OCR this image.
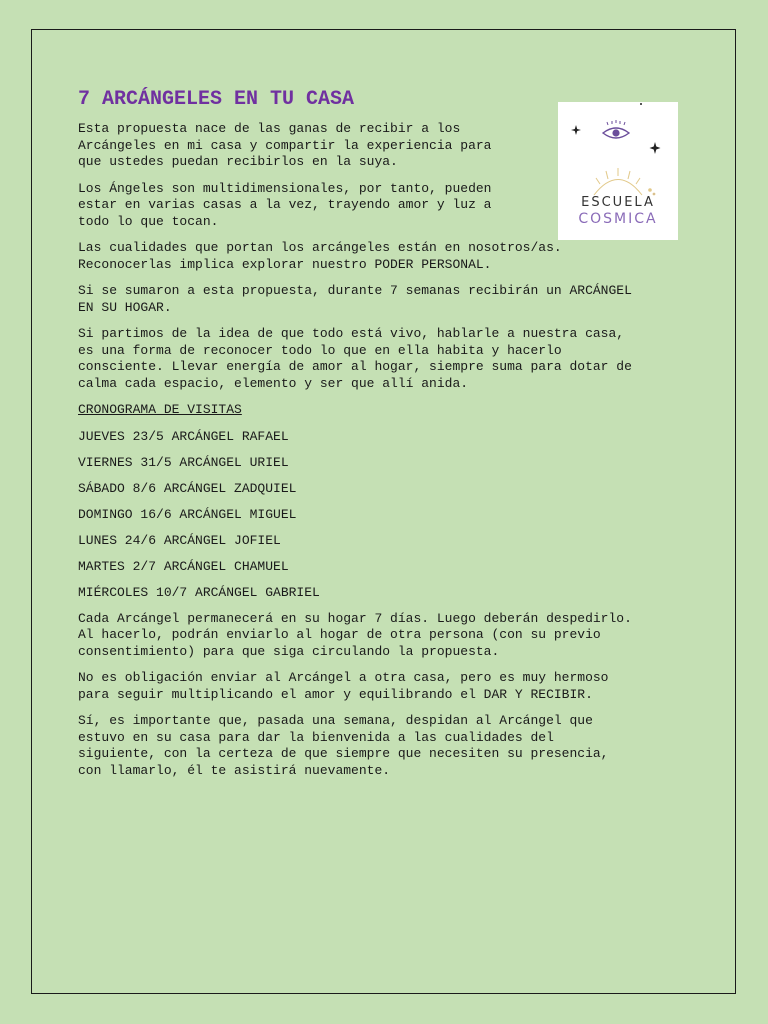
ESCUELA
COSMICA
7 ARCÁNGELES EN TU CASA

Esta propuesta nace de las ganas de recibir a los Arcángeles en mi casa y compartir la experiencia para que ustedes puedan recibirlos en la suya.

Los Ángeles son multidimensionales, por tanto, pueden estar en varias casas a la vez, trayendo amor y luz a todo lo que tocan.

Las cualidades que portan los arcángeles están en nosotros/as. Reconocerlas implica explorar nuestro PODER PERSONAL.

Si se sumaron a esta propuesta, durante 7 semanas recibirán un ARCÁNGEL EN SU HOGAR.

Si partimos de la idea de que todo está vivo, hablarle a nuestra casa, es una forma de reconocer todo lo que en ella habita y hacerlo consciente. Llevar energía de amor al hogar, siempre suma para dotar de calma cada espacio, elemento y ser que allí anida.

CRONOGRAMA DE VISITAS

JUEVES 23/5 ARCÁNGEL RAFAEL

VIERNES 31/5 ARCÁNGEL URIEL

SÁBADO 8/6 ARCÁNGEL ZADQUIEL

DOMINGO 16/6 ARCÁNGEL MIGUEL

LUNES 24/6 ARCÁNGEL JOFIEL

MARTES 2/7 ARCÁNGEL CHAMUEL

MIÉRCOLES 10/7 ARCÁNGEL GABRIEL

Cada Arcángel permanecerá en su hogar 7 días. Luego deberán despedirlo. Al hacerlo, podrán enviarlo al hogar de otra persona (con su previo consentimiento) para que siga circulando la propuesta.

No es obligación enviar al Arcángel a otra casa, pero es muy hermoso para seguir multiplicando el amor y equilibrando el DAR Y RECIBIR.

Sí, es importante que, pasada una semana, despidan al Arcángel que estuvo en su casa para dar la bienvenida a las cualidades del siguiente, con la certeza de que siempre que necesiten su presencia, con llamarlo, él te asistirá nuevamente.
